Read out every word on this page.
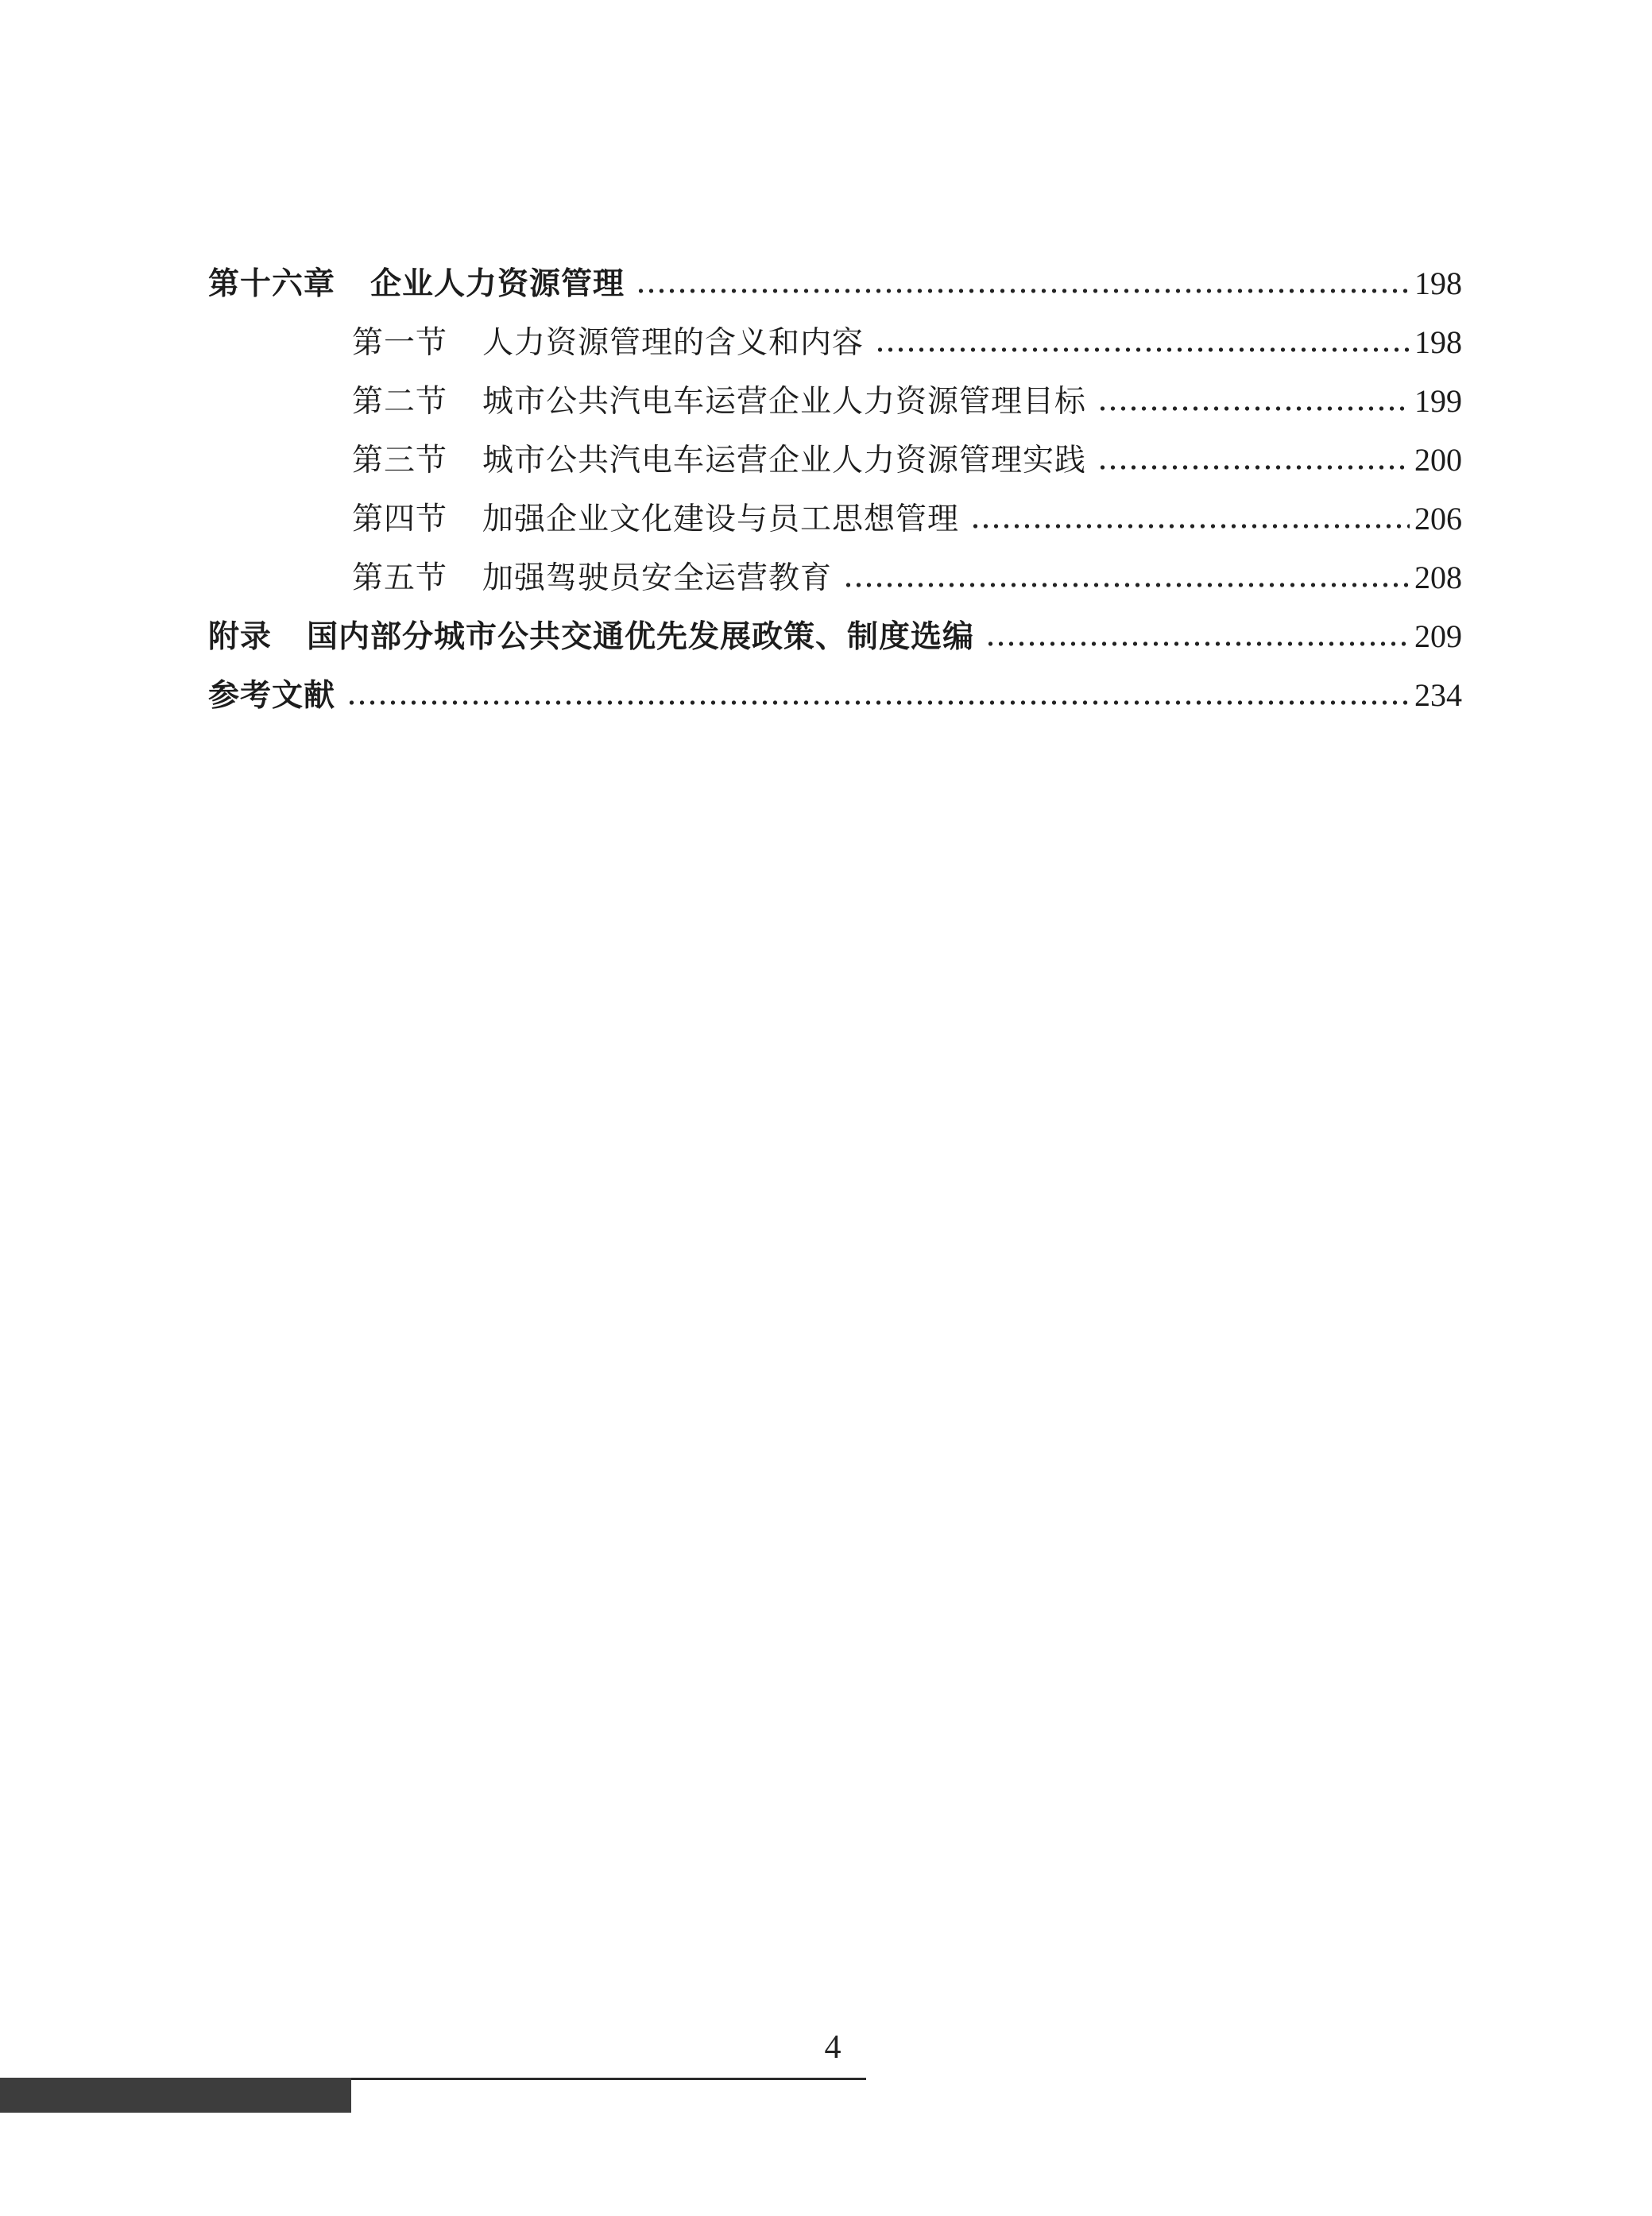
第十六章 企业人力资源管理	198
第一节 人力资源管理的含义和内容	198
第二节 城市公共汽电车运营企业人力资源管理目标	199
第三节 城市公共汽电车运营企业人力资源管理实践	200
第四节 加强企业文化建设与员工思想管理	206
第五节 加强驾驶员安全运营教育	208
附录 国内部分城市公共交通优先发展政策、制度选编	209
参考文献	234
4
